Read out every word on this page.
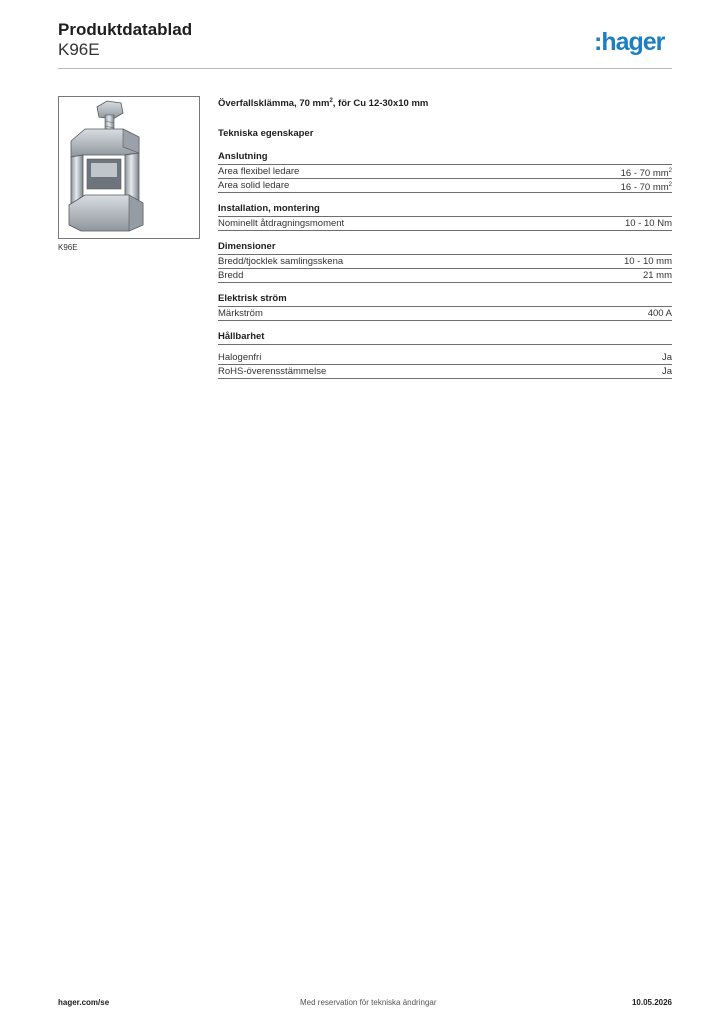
Produktdatablad
K96E	:hager
K96E
Överfallsklämma, 70 $mm^2$, för Cu 12-30x10 mm
Tekniska egenskaper
Anslutning
Area flexibel ledare	16 - 70 $mm^2$
Area solid ledare	16 - 70 $mm^2$
Installation, montering
Nominellt åtdragningsmoment	10 - 10 Nm
Dimensioner
Bredd/tjocklek samlingsskena	10 - 10 mm
Bredd	21 mm
Elektrisk ström
Märkström	400 A
Hållbarhet
Halogenfri	Ja
RoHS-överensstämmelse	Ja
hager.com/se	Med reservation för tekniska ändringar	10.05.2026
